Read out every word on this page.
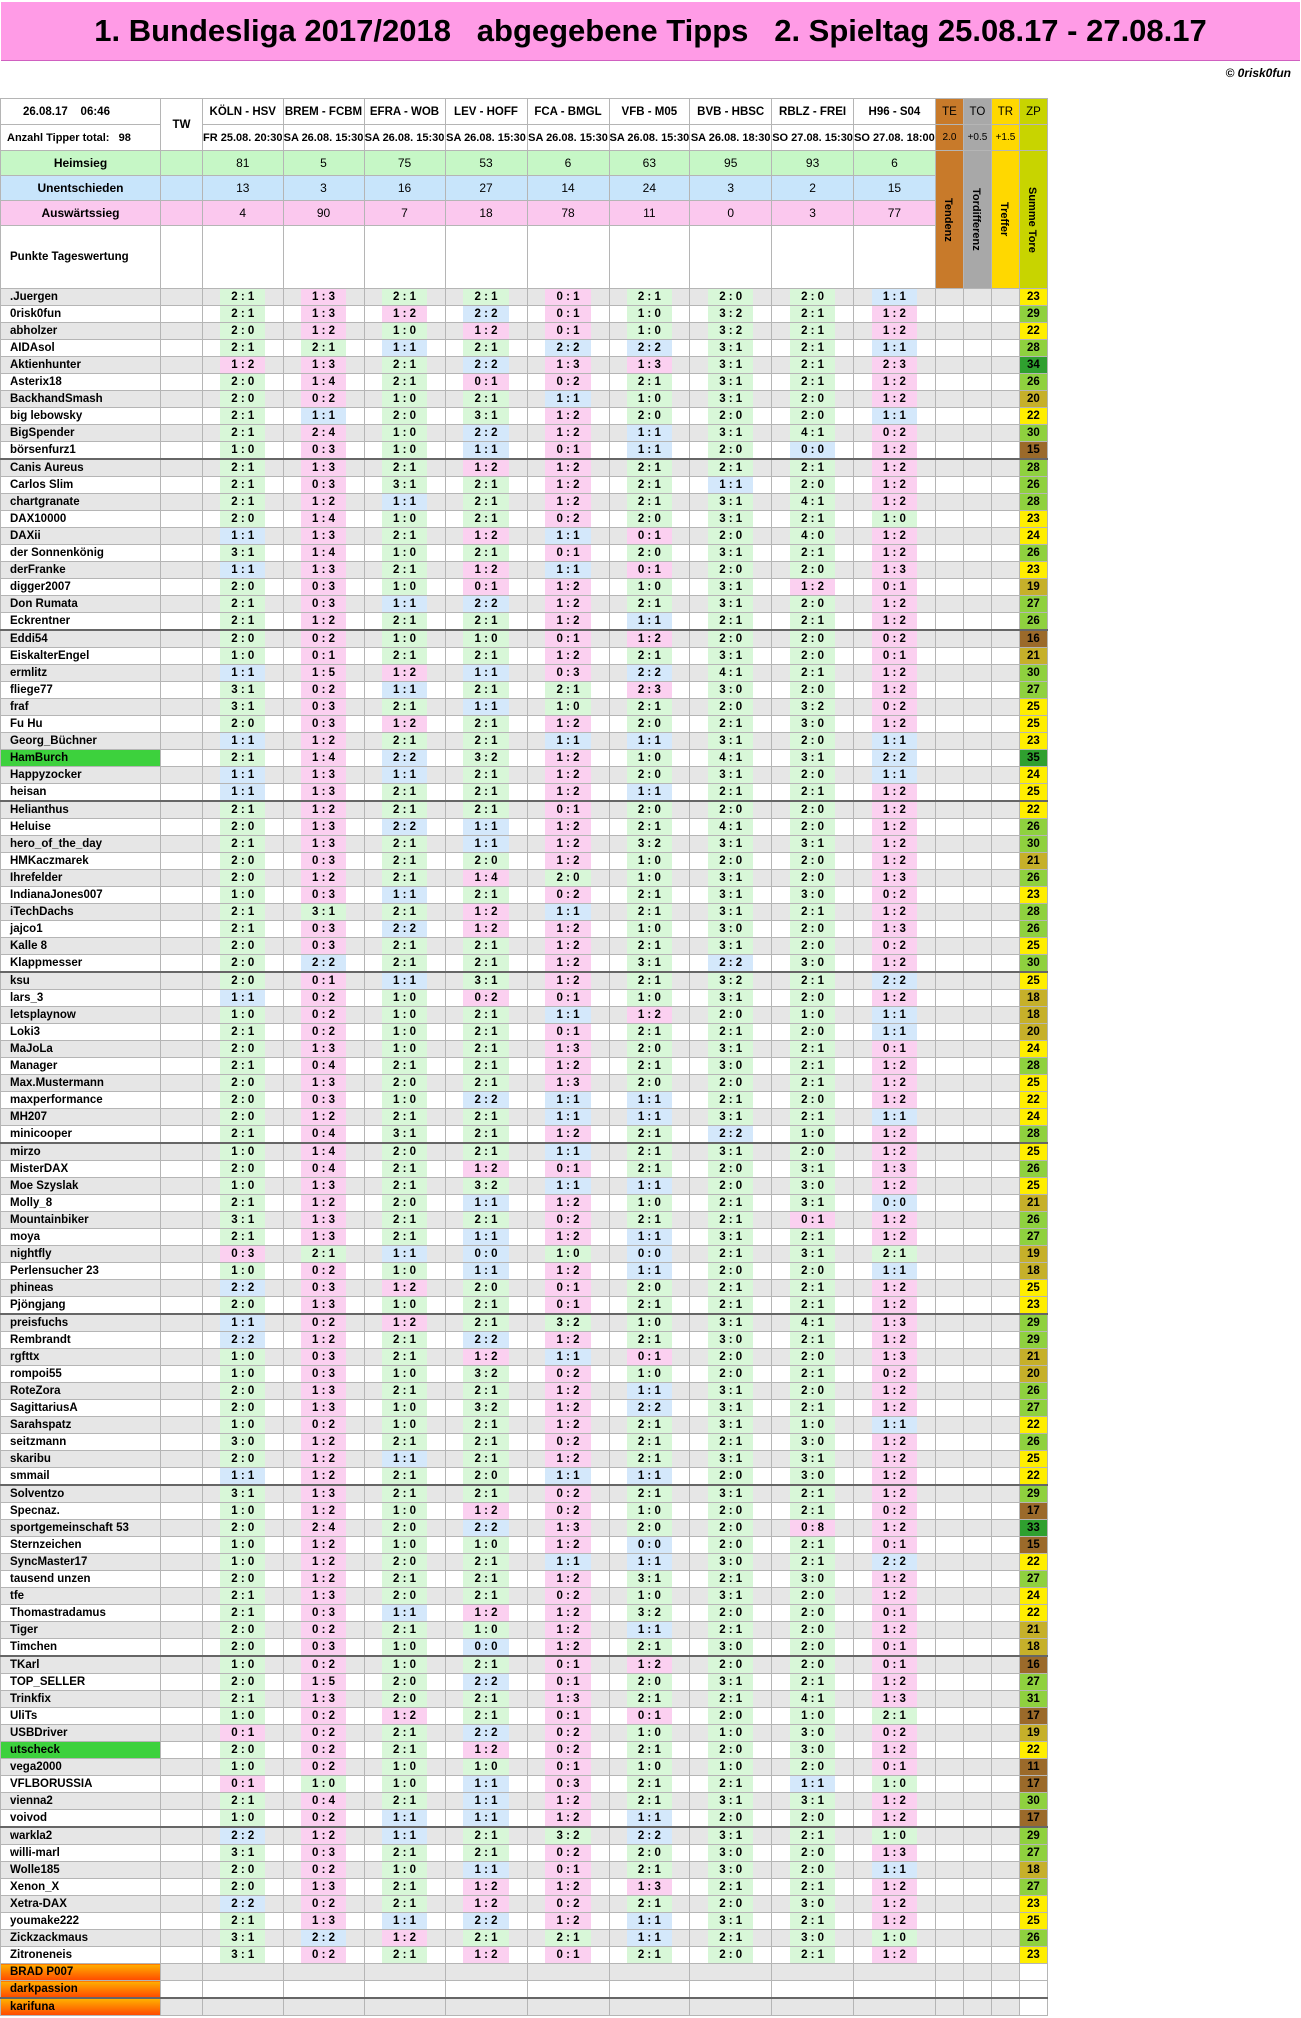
1. Bundesliga 2017/2018   abgegebene Tipps   2. Spieltag 25.08.17 - 27.08.17
© 0risk0fun
26.08.17 06:46	TW	KÖLN - HSV	BREM - FCBM	EFRA - WOB	LEV - HOFF	FCA - BMGL	VFB - M05	BVB - HBSC	RBLZ - FREI	H96 - S04	TE	TO	TR	ZP
Anzahl Tipper total: 98		FR 25.08. 20:30	SA 26.08. 15:30	SA 26.08. 15:30	SA 26.08. 15:30	SA 26.08. 15:30	SA 26.08. 15:30	SA 26.08. 18:30	SO 27.08. 15:30	SO 27.08. 18:00	2.0	+0.5	+1.5	
Heimsieg		81	5	75	53	6	63	95	93	6	Tendenz	Tordifferenz	Treffer	Summe Tore

Unentschieden		13	3	16	27	14	24	3	2	15				
Auswärtssieg		4	90	7	18	78	11	0	3	77				
Punkte Tageswertung														
.Juergen		2 : 1	1 : 3	2 : 1	2 : 1	0 : 1	2 : 1	2 : 0	2 : 0	1 : 1				23
0risk0fun		2 : 1	1 : 3	1 : 2	2 : 2	0 : 1	1 : 0	3 : 2	2 : 1	1 : 2				29
abholzer		2 : 0	1 : 2	1 : 0	1 : 2	0 : 1	1 : 0	3 : 2	2 : 1	1 : 2				22
AIDAsol		2 : 1	2 : 1	1 : 1	2 : 1	2 : 2	2 : 2	3 : 1	2 : 1	1 : 1				28
Aktienhunter		1 : 2	1 : 3	2 : 1	2 : 2	1 : 3	1 : 3	3 : 1	2 : 1	2 : 3				34
Asterix18		2 : 0	1 : 4	2 : 1	0 : 1	0 : 2	2 : 1	3 : 1	2 : 1	1 : 2				26
BackhandSmash		2 : 0	0 : 2	1 : 0	2 : 1	1 : 1	1 : 0	3 : 1	2 : 0	1 : 2				20
big lebowsky		2 : 1	1 : 1	2 : 0	3 : 1	1 : 2	2 : 0	2 : 0	2 : 0	1 : 1				22
BigSpender		2 : 1	2 : 4	1 : 0	2 : 2	1 : 2	1 : 1	3 : 1	4 : 1	0 : 2				30
börsenfurz1		1 : 0	0 : 3	1 : 0	1 : 1	0 : 1	1 : 1	2 : 0	0 : 0	1 : 2				15
Canis Aureus		2 : 1	1 : 3	2 : 1	1 : 2	1 : 2	2 : 1	2 : 1	2 : 1	1 : 2				28
Carlos Slim		2 : 1	0 : 3	3 : 1	2 : 1	1 : 2	2 : 1	1 : 1	2 : 0	1 : 2				26
chartgranate		2 : 1	1 : 2	1 : 1	2 : 1	1 : 2	2 : 1	3 : 1	4 : 1	1 : 2				28
DAX10000		2 : 0	1 : 4	1 : 0	2 : 1	0 : 2	2 : 0	3 : 1	2 : 1	1 : 0				23
DAXii		1 : 1	1 : 3	2 : 1	1 : 2	1 : 1	0 : 1	2 : 0	4 : 0	1 : 2				24
der Sonnenkönig		3 : 1	1 : 4	1 : 0	2 : 1	0 : 1	2 : 0	3 : 1	2 : 1	1 : 2				26
derFranke		1 : 1	1 : 3	2 : 1	1 : 2	1 : 1	0 : 1	2 : 0	2 : 0	1 : 3				23
digger2007		2 : 0	0 : 3	1 : 0	0 : 1	1 : 2	1 : 0	3 : 1	1 : 2	0 : 1				19
Don Rumata		2 : 1	0 : 3	1 : 1	2 : 2	1 : 2	2 : 1	3 : 1	2 : 0	1 : 2				27
Eckrentner		2 : 1	1 : 2	2 : 1	2 : 1	1 : 2	1 : 1	2 : 1	2 : 1	1 : 2				26
Eddi54		2 : 0	0 : 2	1 : 0	1 : 0	0 : 1	1 : 2	2 : 0	2 : 0	0 : 2				16
EiskalterEngel		1 : 0	0 : 1	2 : 1	2 : 1	1 : 2	2 : 1	3 : 1	2 : 0	0 : 1				21
ermlitz		1 : 1	1 : 5	1 : 2	1 : 1	0 : 3	2 : 2	4 : 1	2 : 1	1 : 2				30
fliege77		3 : 1	0 : 2	1 : 1	2 : 1	2 : 1	2 : 3	3 : 0	2 : 0	1 : 2				27
fraf		3 : 1	0 : 3	2 : 1	1 : 1	1 : 0	2 : 1	2 : 0	3 : 2	0 : 2				25
Fu Hu		2 : 0	0 : 3	1 : 2	2 : 1	1 : 2	2 : 0	2 : 1	3 : 0	1 : 2				25
Georg_Büchner		1 : 1	1 : 2	2 : 1	2 : 1	1 : 1	1 : 1	3 : 1	2 : 0	1 : 1				23
HamBurch		2 : 1	1 : 4	2 : 2	3 : 2	1 : 2	1 : 0	4 : 1	3 : 1	2 : 2				35
Happyzocker		1 : 1	1 : 3	1 : 1	2 : 1	1 : 2	2 : 0	3 : 1	2 : 0	1 : 1				24
heisan		1 : 1	1 : 3	2 : 1	2 : 1	1 : 2	1 : 1	2 : 1	2 : 1	1 : 2				25
Helianthus		2 : 1	1 : 2	2 : 1	2 : 1	0 : 1	2 : 0	2 : 0	2 : 0	1 : 2				22
Heluise		2 : 0	1 : 3	2 : 2	1 : 1	1 : 2	2 : 1	4 : 1	2 : 0	1 : 2				26
hero_of_the_day		2 : 1	1 : 3	2 : 1	1 : 1	1 : 2	3 : 2	3 : 1	3 : 1	1 : 2				30
HMKaczmarek		2 : 0	0 : 3	2 : 1	2 : 0	1 : 2	1 : 0	2 : 0	2 : 0	1 : 2				21
Ihrefelder		2 : 0	1 : 2	2 : 1	1 : 4	2 : 0	1 : 0	3 : 1	2 : 0	1 : 3				26
IndianaJones007		1 : 0	0 : 3	1 : 1	2 : 1	0 : 2	2 : 1	3 : 1	3 : 0	0 : 2				23
iTechDachs		2 : 1	3 : 1	2 : 1	1 : 2	1 : 1	2 : 1	3 : 1	2 : 1	1 : 2				28
jajco1		2 : 1	0 : 3	2 : 2	1 : 2	1 : 2	1 : 0	3 : 0	2 : 0	1 : 3				26
Kalle 8		2 : 0	0 : 3	2 : 1	2 : 1	1 : 2	2 : 1	3 : 1	2 : 0	0 : 2				25
Klappmesser		2 : 0	2 : 2	2 : 1	2 : 1	1 : 2	3 : 1	2 : 2	3 : 0	1 : 2				30
ksu		2 : 0	0 : 1	1 : 1	3 : 1	1 : 2	2 : 1	3 : 2	2 : 1	2 : 2				25
lars_3		1 : 1	0 : 2	1 : 0	0 : 2	0 : 1	1 : 0	3 : 1	2 : 0	1 : 2				18
letsplaynow		1 : 0	0 : 2	1 : 0	2 : 1	1 : 1	1 : 2	2 : 0	1 : 0	1 : 1				18
Loki3		2 : 1	0 : 2	1 : 0	2 : 1	0 : 1	2 : 1	2 : 1	2 : 0	1 : 1				20
MaJoLa		2 : 0	1 : 3	1 : 0	2 : 1	1 : 3	2 : 0	3 : 1	2 : 1	0 : 1				24
Manager		2 : 1	0 : 4	2 : 1	2 : 1	1 : 2	2 : 1	3 : 0	2 : 1	1 : 2				28
Max.Mustermann		2 : 0	1 : 3	2 : 0	2 : 1	1 : 3	2 : 0	2 : 0	2 : 1	1 : 2				25
maxperformance		2 : 0	0 : 3	1 : 0	2 : 2	1 : 1	1 : 1	2 : 1	2 : 0	1 : 2				22
MH207		2 : 0	1 : 2	2 : 1	2 : 1	1 : 1	1 : 1	3 : 1	2 : 1	1 : 1				24
minicooper		2 : 1	0 : 4	3 : 1	2 : 1	1 : 2	2 : 1	2 : 2	1 : 0	1 : 2				28
mirzo		1 : 0	1 : 4	2 : 0	2 : 1	1 : 1	2 : 1	3 : 1	2 : 0	1 : 2				25
MisterDAX		2 : 0	0 : 4	2 : 1	1 : 2	0 : 1	2 : 1	2 : 0	3 : 1	1 : 3				26
Moe Szyslak		1 : 0	1 : 3	2 : 1	3 : 2	1 : 1	1 : 1	2 : 0	3 : 0	1 : 2				25
Molly_8		2 : 1	1 : 2	2 : 0	1 : 1	1 : 2	1 : 0	2 : 1	3 : 1	0 : 0				21
Mountainbiker		3 : 1	1 : 3	2 : 1	2 : 1	0 : 2	2 : 1	2 : 1	0 : 1	1 : 2				26
moya		2 : 1	1 : 3	2 : 1	1 : 1	1 : 2	1 : 1	3 : 1	2 : 1	1 : 2				27
nightfly		0 : 3	2 : 1	1 : 1	0 : 0	1 : 0	0 : 0	2 : 1	3 : 1	2 : 1				19
Perlensucher 23		1 : 0	0 : 2	1 : 0	1 : 1	1 : 2	1 : 1	2 : 0	2 : 0	1 : 1				18
phineas		2 : 2	0 : 3	1 : 2	2 : 0	0 : 1	2 : 0	2 : 1	2 : 1	1 : 2				25
Pjöngjang		2 : 0	1 : 3	1 : 0	2 : 1	0 : 1	2 : 1	2 : 1	2 : 1	1 : 2				23
preisfuchs		1 : 1	0 : 2	1 : 2	2 : 1	3 : 2	1 : 0	3 : 1	4 : 1	1 : 3				29
Rembrandt		2 : 2	1 : 2	2 : 1	2 : 2	1 : 2	2 : 1	3 : 0	2 : 1	1 : 2				29
rgfttx		1 : 0	0 : 3	2 : 1	1 : 2	1 : 1	0 : 1	2 : 0	2 : 0	1 : 3				21
rompoi55		1 : 0	0 : 3	1 : 0	3 : 2	0 : 2	1 : 0	2 : 0	2 : 1	0 : 2				20
RoteZora		2 : 0	1 : 3	2 : 1	2 : 1	1 : 2	1 : 1	3 : 1	2 : 0	1 : 2				26
SagittariusA		2 : 0	1 : 3	1 : 0	3 : 2	1 : 2	2 : 2	3 : 1	2 : 1	1 : 2				27
Sarahspatz		1 : 0	0 : 2	1 : 0	2 : 1	1 : 2	2 : 1	3 : 1	1 : 0	1 : 1				22
seitzmann		3 : 0	1 : 2	2 : 1	2 : 1	0 : 2	2 : 1	2 : 1	3 : 0	1 : 2				26
skaribu		2 : 0	1 : 2	1 : 1	2 : 1	1 : 2	2 : 1	3 : 1	3 : 1	1 : 2				25
smmail		1 : 1	1 : 2	2 : 1	2 : 0	1 : 1	1 : 1	2 : 0	3 : 0	1 : 2				22
Solventzo		3 : 1	1 : 3	2 : 1	2 : 1	0 : 2	2 : 1	3 : 1	2 : 1	1 : 2				29
Specnaz.		1 : 0	1 : 2	1 : 0	1 : 2	0 : 2	1 : 0	2 : 0	2 : 1	0 : 2				17
sportgemeinschaft 53		2 : 0	2 : 4	2 : 0	2 : 2	1 : 3	2 : 0	2 : 0	0 : 8	1 : 2				33
Sternzeichen		1 : 0	1 : 2	1 : 0	1 : 0	1 : 2	0 : 0	2 : 0	2 : 1	0 : 1				15
SyncMaster17		1 : 0	1 : 2	2 : 0	2 : 1	1 : 1	1 : 1	3 : 0	2 : 1	2 : 2				22
tausend unzen		2 : 0	1 : 2	2 : 1	2 : 1	1 : 2	3 : 1	2 : 1	3 : 0	1 : 2				27
tfe		2 : 1	1 : 3	2 : 0	2 : 1	0 : 2	1 : 0	3 : 1	2 : 0	1 : 2				24
Thomastradamus		2 : 1	0 : 3	1 : 1	1 : 2	1 : 2	3 : 2	2 : 0	2 : 0	0 : 1				22
Tiger		2 : 0	0 : 2	2 : 1	1 : 0	1 : 2	1 : 1	2 : 1	2 : 0	1 : 2				21
Timchen		2 : 0	0 : 3	1 : 0	0 : 0	1 : 2	2 : 1	3 : 0	2 : 0	0 : 1				18
TKarl		1 : 0	0 : 2	1 : 0	2 : 1	0 : 1	1 : 2	2 : 0	2 : 0	0 : 1				16
TOP_SELLER		2 : 0	1 : 5	2 : 0	2 : 2	0 : 1	2 : 0	3 : 1	2 : 1	1 : 2				27
Trinkfix		2 : 1	1 : 3	2 : 0	2 : 1	1 : 3	2 : 1	2 : 1	4 : 1	1 : 3				31
UliTs		1 : 0	0 : 2	1 : 2	2 : 1	0 : 1	0 : 1	2 : 0	1 : 0	2 : 1				17
USBDriver		0 : 1	0 : 2	2 : 1	2 : 2	0 : 2	1 : 0	1 : 0	3 : 0	0 : 2				19
utscheck		2 : 0	0 : 2	2 : 1	1 : 2	0 : 2	2 : 1	2 : 0	3 : 0	1 : 2				22
vega2000		1 : 0	0 : 2	1 : 0	1 : 0	0 : 1	1 : 0	1 : 0	2 : 0	0 : 1				11
VFLBORUSSIA		0 : 1	1 : 0	1 : 0	1 : 1	0 : 3	2 : 1	2 : 1	1 : 1	1 : 0				17
vienna2		2 : 1	0 : 4	2 : 1	1 : 1	1 : 2	2 : 1	3 : 1	3 : 1	1 : 2				30
voivod		1 : 0	0 : 2	1 : 1	1 : 1	1 : 2	1 : 1	2 : 0	2 : 0	1 : 2				17
warkla2		2 : 2	1 : 2	1 : 1	2 : 1	3 : 2	2 : 2	3 : 1	2 : 1	1 : 0				29
willi-marl		3 : 1	0 : 3	2 : 1	2 : 1	0 : 2	2 : 0	3 : 0	2 : 0	1 : 3				27
Wolle185		2 : 0	0 : 2	1 : 0	1 : 1	0 : 1	2 : 1	3 : 0	2 : 0	1 : 1				18
Xenon_X		2 : 0	1 : 3	2 : 1	1 : 2	1 : 2	1 : 3	2 : 1	2 : 1	1 : 2				27
Xetra-DAX		2 : 2	0 : 2	2 : 1	1 : 2	0 : 2	2 : 1	2 : 0	3 : 0	1 : 2				23
youmake222		2 : 1	1 : 3	1 : 1	2 : 2	1 : 2	1 : 1	3 : 1	2 : 1	1 : 2				25
Zickzackmaus		3 : 1	2 : 2	1 : 2	2 : 1	2 : 1	1 : 1	2 : 1	3 : 0	1 : 0				26
Zitroneneis		3 : 1	0 : 2	2 : 1	1 : 2	0 : 1	2 : 1	2 : 0	2 : 1	1 : 2				23
BRAD P007														
darkpassion														
karifuna														
